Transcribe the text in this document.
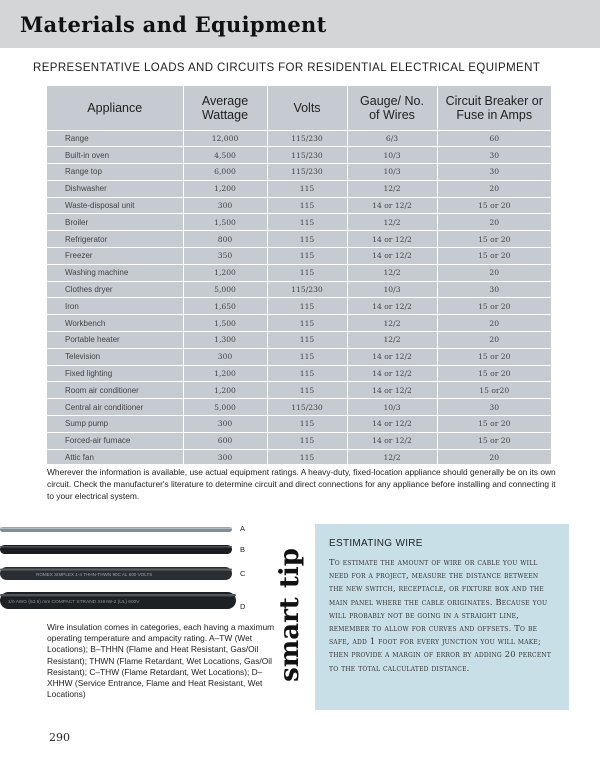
Materials and Equipment
REPRESENTATIVE LOADS AND CIRCUITS FOR RESIDENTIAL ELECTRICAL EQUIPMENT
Appliance	Average Wattage	Volts	Gauge/ No. of Wires	Circuit Breaker or Fuse in Amps
Range	12,000	115/230	6/3	60
Built-in oven	4,500	115/230	10/3	30
Range top	6,000	115/230	10/3	30
Dishwasher	1,200	115	12/2	20
Waste-disposal unit	300	115	14 or 12/2	15 or 20
Broiler	1,500	115	12/2	20
Refrigerator	800	115	14 or 12/2	15 or 20
Freezer	350	115	14 or 12/2	15 or 20
Washing machine	1,200	115	12/2	20
Clothes dryer	5,000	115/230	10/3	30
Iron	1,650	115	14 or 12/2	15 or 20
Workbench	1,500	115	12/2	20
Portable heater	1,300	115	12/2	20
Television	300	115	14 or 12/2	15 or 20
Fixed lighting	1,200	115	14 or 12/2	15 or 20
Room air conditioner	1,200	115	14 or 12/2	15 or20
Central air conditioner	5,000	115/230	10/3	30
Sump pump	300	115	14 or 12/2	15 or 20
Forced-air furnace	600	115	14 or 12/2	15 or 20
Attic fan	300	115	12/2	20

Wherever the information is available, use actual equipment ratings. A heavy-duty, fixed-location appliance should generally be on its own circuit. Check the manufacturer's literature to determine circuit and direct connections for any appliance before installing and connecting it to your electrical system.

ROMEX SIMPLEX 1-4 THHN-THWN 90C AL 600 VOLTS
1/0 AWG (53.5) mm COMPACT STRAND XHHW-2 (UL) 600V
A
B
C
D

Wire insulation comes in categories, each having a maximum operating temperature and ampacity rating. A–TW (Wet Locations); B–THHN (Flame and Heat Resistant, Gas/Oil Resistant); THWN (Flame Retardant, Wet Locations, Gas/Oil Resistant); C–THW (Flame Retardant, Wet Locations); D–XHHW (Service Entrance, Flame and Heat Resistant, Wet Locations)

smart tip
ESTIMATING WIRE

To estimate the amount of wire or cable you will need for a project, measure the distance between the new switch, receptacle, or fixture box and the main panel where the cable originates. Because you will probably not be going in a straight line, remember to allow for curves and offsets. To be safe, add 1 foot for every junction you will make; then provide a margin of error by adding 20 percent to the total calculated distance.

290
